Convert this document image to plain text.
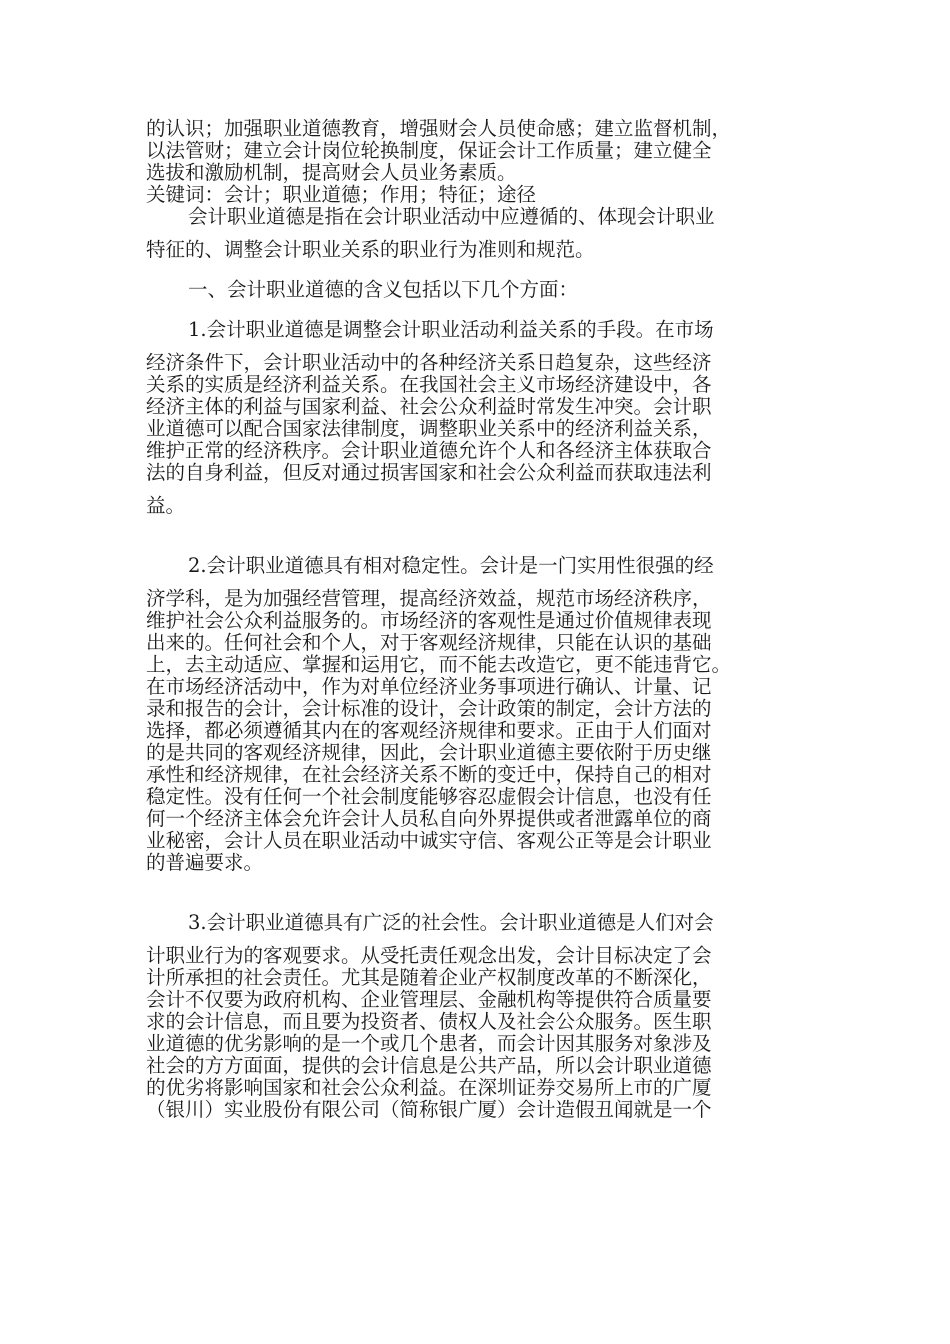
的认识；加强职业道德教育，增强财会人员使命感；建立监督机制，

以法管财；建立会计岗位轮换制度，保证会计工作质量；建立健全

选拔和激励机制，提高财会人员业务素质。

关键词：会计；职业道德；作用；特征；途径

会计职业道德是指在会计职业活动中应遵循的、体现会计职业

特征的、调整会计职业关系的职业行为准则和规范。

一、会计职业道德的含义包括以下几个方面：

1.会计职业道德是调整会计职业活动利益关系的手段。在市场

经济条件下，会计职业活动中的各种经济关系日趋复杂，这些经济

关系的实质是经济利益关系。在我国社会主义市场经济建设中，各

经济主体的利益与国家利益、社会公众利益时常发生冲突。会计职

业道德可以配合国家法律制度，调整职业关系中的经济利益关系，

维护正常的经济秩序。会计职业道德允许个人和各经济主体获取合

法的自身利益，但反对通过损害国家和社会公众利益而获取违法利

益。

2.会计职业道德具有相对稳定性。会计是一门实用性很强的经

济学科，是为加强经营管理，提高经济效益，规范市场经济秩序，

维护社会公众利益服务的。市场经济的客观性是通过价值规律表现

出来的。任何社会和个人，对于客观经济规律，只能在认识的基础

上，去主动适应、掌握和运用它，而不能去改造它，更不能违背它。

在市场经济活动中，作为对单位经济业务事项进行确认、计量、记

录和报告的会计，会计标准的设计，会计政策的制定，会计方法的

选择，都必须遵循其内在的客观经济规律和要求。正由于人们面对

的是共同的客观经济规律，因此，会计职业道德主要依附于历史继

承性和经济规律，在社会经济关系不断的变迁中，保持自己的相对

稳定性。没有任何一个社会制度能够容忍虚假会计信息，也没有任

何一个经济主体会允许会计人员私自向外界提供或者泄露单位的商

业秘密，会计人员在职业活动中诚实守信、客观公正等是会计职业

的普遍要求。

3.会计职业道德具有广泛的社会性。会计职业道德是人们对会

计职业行为的客观要求。从受托责任观念出发，会计目标决定了会

计所承担的社会责任。尤其是随着企业产权制度改革的不断深化，

会计不仅要为政府机构、企业管理层、金融机构等提供符合质量要

求的会计信息，而且要为投资者、债权人及社会公众服务。医生职

业道德的优劣影响的是一个或几个患者，而会计因其服务对象涉及

社会的方方面面，提供的会计信息是公共产品，所以会计职业道德

的优劣将影响国家和社会公众利益。在深圳证券交易所上市的广厦

（银川）实业股份有限公司（简称银广厦）会计造假丑闻就是一个
